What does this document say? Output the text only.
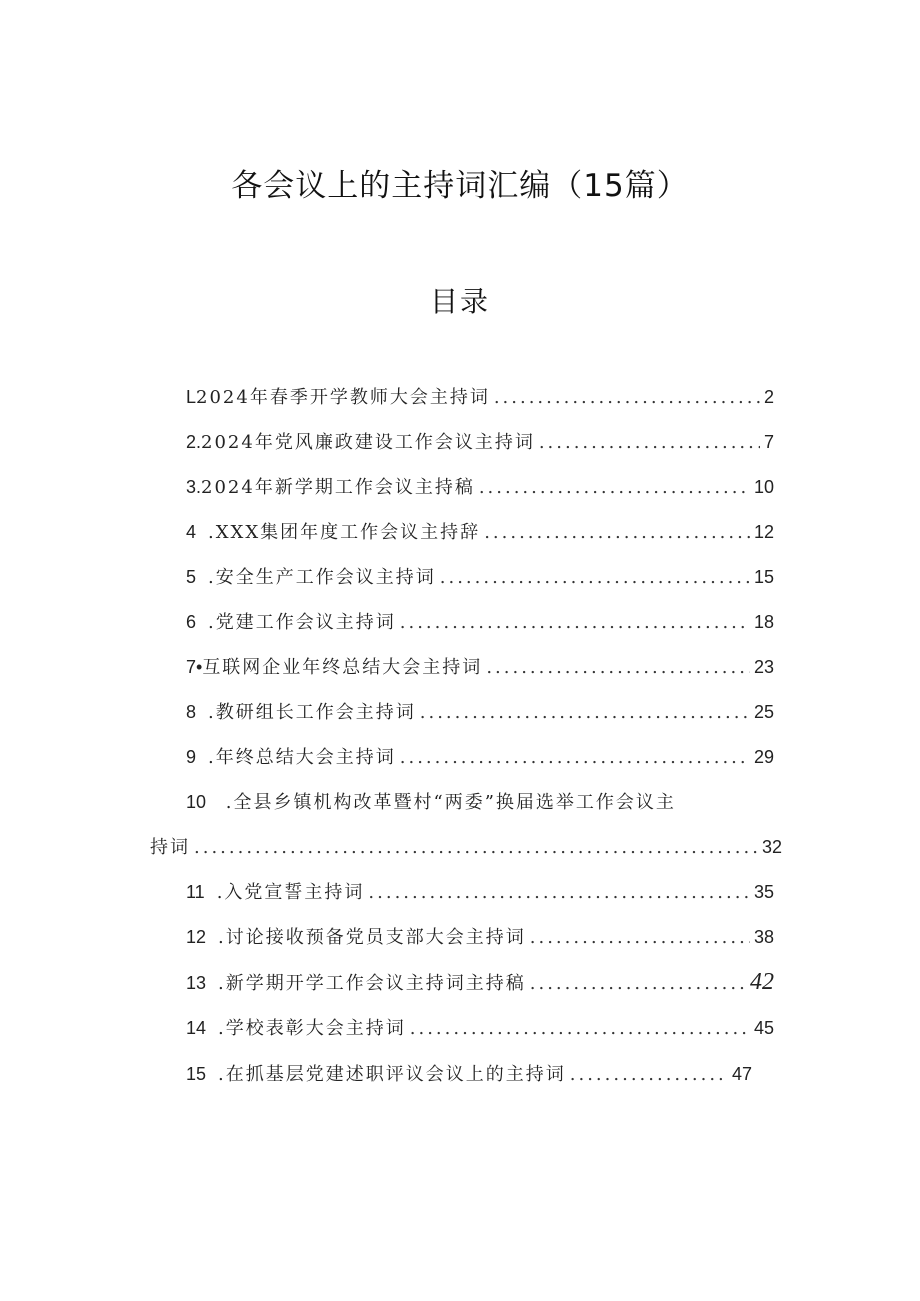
各会议上的主持词汇编（15篇）
目录
L 2024年春季开学教师大会主持词 .....	2
2. 2024年党风廉政建设工作会议主持词 .....	7
3. 2024年新学期工作会议主持稿 .....	10
4 .XXX集团年度工作会议主持辞 .....	12
5 .安全生产工作会议主持词 .....	15
6 .党建工作会议主持词 .....	18
7• 互联网企业年终总结大会主持词 .....	23
8 .教研组长工作会主持词 .....	25
9 .年终总结大会主持词 .....	29
10 .全县乡镇机构改革暨村“两委”换届选举工作会议主
持词 .....	32
11 .入党宣誓主持词 .....	35
12 .讨论接收预备党员支部大会主持词 .....	38
13 .新学期开学工作会议主持词主持稿 .....	42
14 .学校表彰大会主持词 .....	45
15 .在抓基层党建述职评议会议上的主持词 .....	47
